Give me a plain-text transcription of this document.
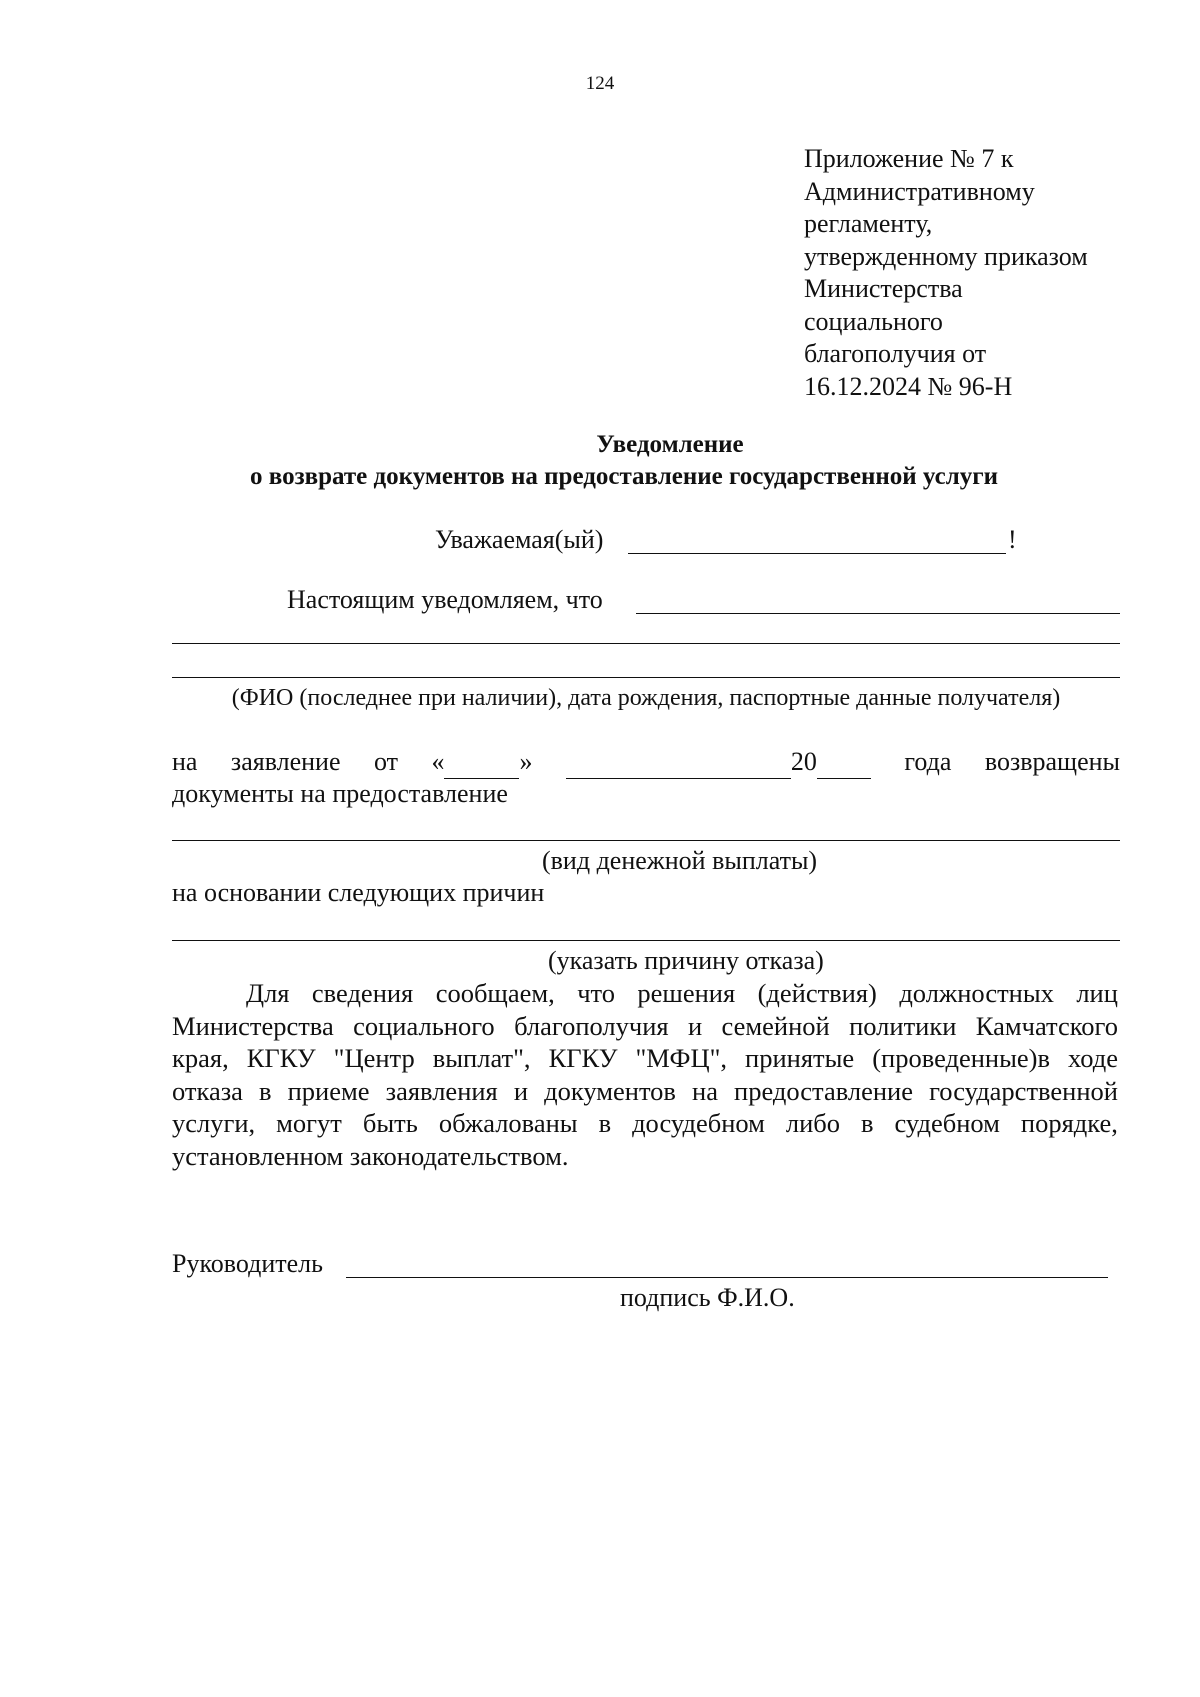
124
Приложение № 7 к
Административному
регламенту,
утвержденному приказом
Министерства
социального
благополучия от
16.12.2024 № 96-Н
Уведомление
о возврате документов на предоставление государственной услуги
Уважаемая(ый)	!
Настоящим уведомляем, что
(ФИО (последнее при наличии), дата рождения, паспортные данные получателя)
на заявление от «	»	20	года возвращены
документы на предоставление
(вид денежной выплаты)
на основании следующих причин
(указать причину отказа)
Для сведения сообщаем, что решения (действия) должностных лиц
Министерства социального благополучия и семейной политики Камчатского
края, КГКУ "Центр выплат", КГКУ "МФЦ", принятые (проведенные)в ходе
отказа в приеме заявления и документов на предоставление государственной
услуги, могут быть обжалованы в досудебном либо в судебном порядке,
установленном законодательством.
Руководитель
подпись Ф.И.О.
